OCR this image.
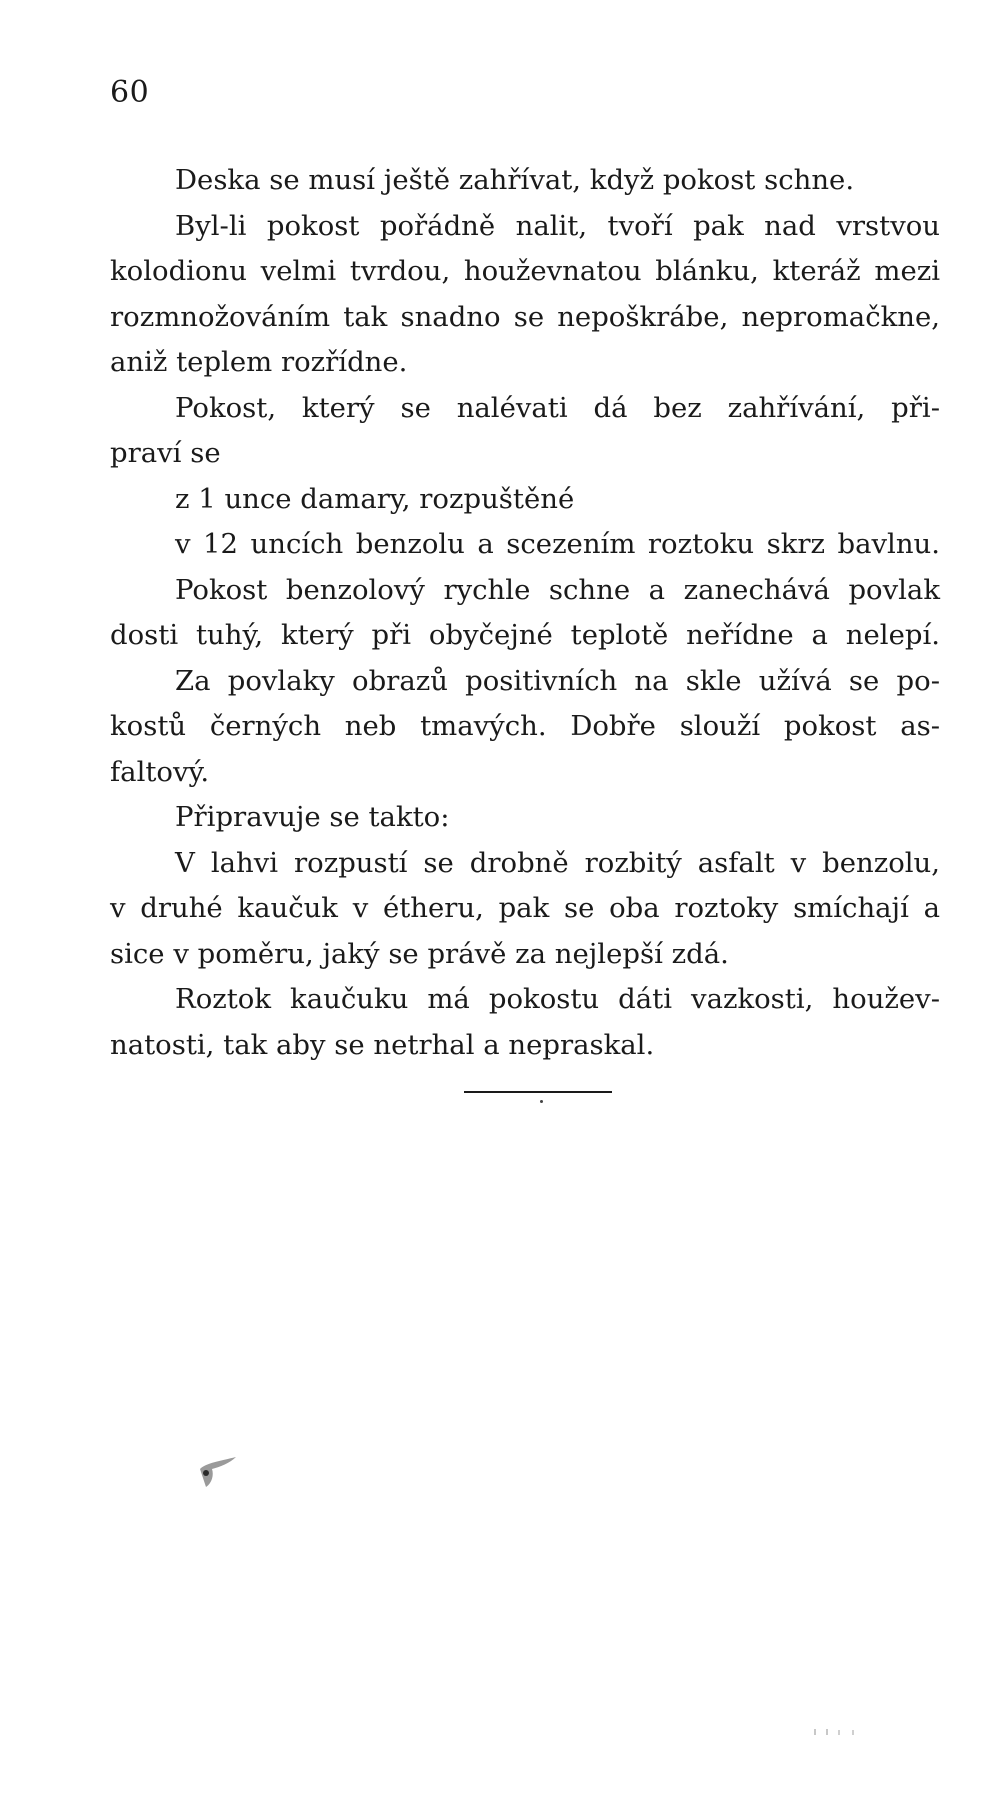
60
Deska se musí ještě zahřívat, když pokost schne.
Byl-li pokost pořádně nalit, tvoří pak nad vrstvou
kolodionu velmi tvrdou, houževnatou blánku, kteráž mezi
rozmnožováním tak snadno se nepoškrábe, nepromačkne,
aniž teplem rozřídne.
Pokost, který se nalévati dá bez zahřívání, při-
praví se
z 1 unce damary, rozpuštěné
v 12 uncích benzolu a scezením roztoku skrz bavlnu.
Pokost benzolový rychle schne a zanechává povlak
dosti tuhý, který při obyčejné teplotě neřídne a nelepí.
Za povlaky obrazů positivních na skle užívá se po-
kostů černých neb tmavých. Dobře slouží pokost as-
faltový.
Připravuje se takto:
V lahvi rozpustí se drobně rozbitý asfalt v benzolu,
v druhé kaučuk v étheru, pak se oba roztoky smíchají a
sice v poměru, jaký se právě za nejlepší zdá.
Roztok kaučuku má pokostu dáti vazkosti, houžev-
natosti, tak aby se netrhal a nepraskal.
